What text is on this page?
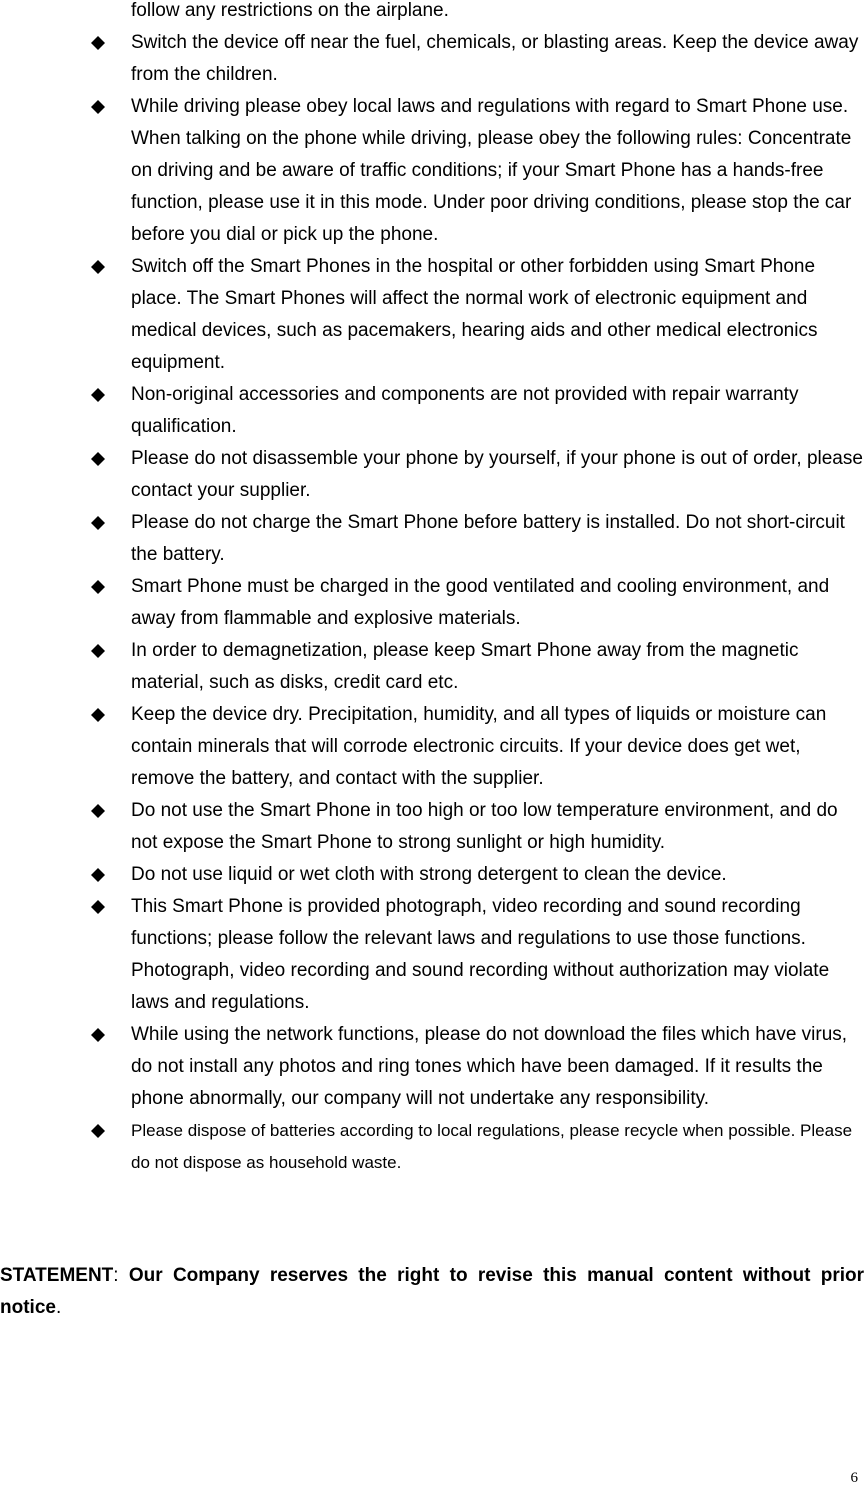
follow any restrictions on the airplane.

Switch the device off near the fuel, chemicals, or blasting areas. Keep the device away from the children.
While driving please obey local laws and regulations with regard to Smart Phone use. When talking on the phone while driving, please obey the following rules: Concentrate on driving and be aware of traffic conditions; if your Smart Phone has a hands-free function, please use it in this mode. Under poor driving conditions, please stop the car before you dial or pick up the phone.
Switch off the Smart Phones in the hospital or other forbidden using Smart Phone place. The Smart Phones will affect the normal work of electronic equipment and medical devices, such as pacemakers, hearing aids and other medical electronics equipment.
Non-original accessories and components are not provided with repair warranty qualification.
Please do not disassemble your phone by yourself, if your phone is out of order, please contact your supplier.
Please do not charge the Smart Phone before battery is installed. Do not short-circuit the battery.
Smart Phone must be charged in the good ventilated and cooling environment, and away from flammable and explosive materials.
In order to demagnetization, please keep Smart Phone away from the magnetic material, such as disks, credit card etc.
Keep the device dry. Precipitation, humidity, and all types of liquids or moisture can contain minerals that will corrode electronic circuits. If your device does get wet, remove the battery, and contact with the supplier.
Do not use the Smart Phone in too high or too low temperature environment, and do not expose the Smart Phone to strong sunlight or high humidity.
Do not use liquid or wet cloth with strong detergent to clean the device.
This Smart Phone is provided photograph, video recording and sound recording functions; please follow the relevant laws and regulations to use those functions. Photograph, video recording and sound recording without authorization may violate laws and regulations.
While using the network functions, please do not download the files which have virus, do not install any photos and ring tones which have been damaged. If it results the phone abnormally, our company will not undertake any responsibility.
Please dispose of batteries according to local regulations, please recycle when possible. Please do not dispose as household waste.

STATEMENT: Our Company reserves the right to revise this manual content without prior notice.

6
